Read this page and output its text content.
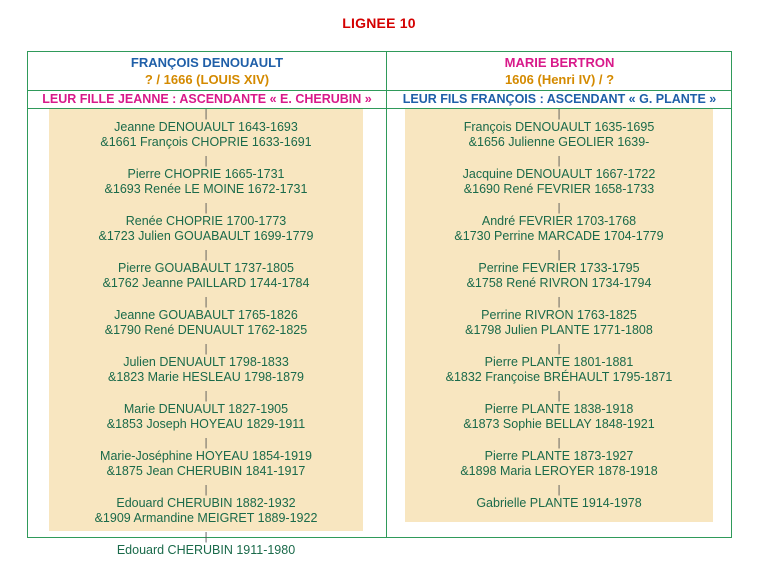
LIGNEE 10
FRANÇOIS DENOUAULT
? / 1666 (LOUIS XIV)
MARIE BERTRON
1606 (Henri IV) / ?
LEUR FILLE JEANNE : ASCENDANTE « E. CHERUBIN »	LEUR FILS FRANÇOIS : ASCENDANT « G. PLANTE »
|
Jeanne DENOUAULT 1643-1693
&1661 François CHOPRIE 1633-1691
|
Pierre CHOPRIE 1665-1731
&1693 Renée LE MOINE 1672-1731
|
Renée CHOPRIE 1700-1773
&1723 Julien GOUABAULT 1699-1779
|
Pierre GOUABAULT 1737-1805
&1762 Jeanne PAILLARD 1744-1784
|
Jeanne GOUABAULT 1765-1826
&1790 René DENUAULT 1762-1825
|
Julien DENUAULT 1798-1833
&1823 Marie HESLEAU 1798-1879
|
Marie DENUAULT 1827-1905
&1853 Joseph HOYEAU 1829-1911
|
Marie-Joséphine HOYEAU 1854-1919
&1875 Jean CHERUBIN 1841-1917
|
Edouard CHERUBIN 1882-1932
&1909 Armandine MEIGRET 1889-1922
|
Edouard CHERUBIN 1911-1980
|
François DENOUAULT 1635-1695
&1656 Julienne GEOLIER 1639-
|
Jacquine DENOUAULT 1667-1722
&1690 René FEVRIER 1658-1733
|
André FEVRIER 1703-1768
&1730 Perrine MARCADE 1704-1779
|
Perrine FEVRIER 1733-1795
&1758 René RIVRON 1734-1794
|
Perrine RIVRON 1763-1825
&1798 Julien PLANTE 1771-1808
|
Pierre PLANTE 1801-1881
&1832 Françoise BRÉHAULT 1795-1871
|
Pierre PLANTE 1838-1918
&1873 Sophie BELLAY 1848-1921
|
Pierre PLANTE 1873-1927
&1898 Maria LEROYER 1878-1918
|
Gabrielle PLANTE 1914-1978
